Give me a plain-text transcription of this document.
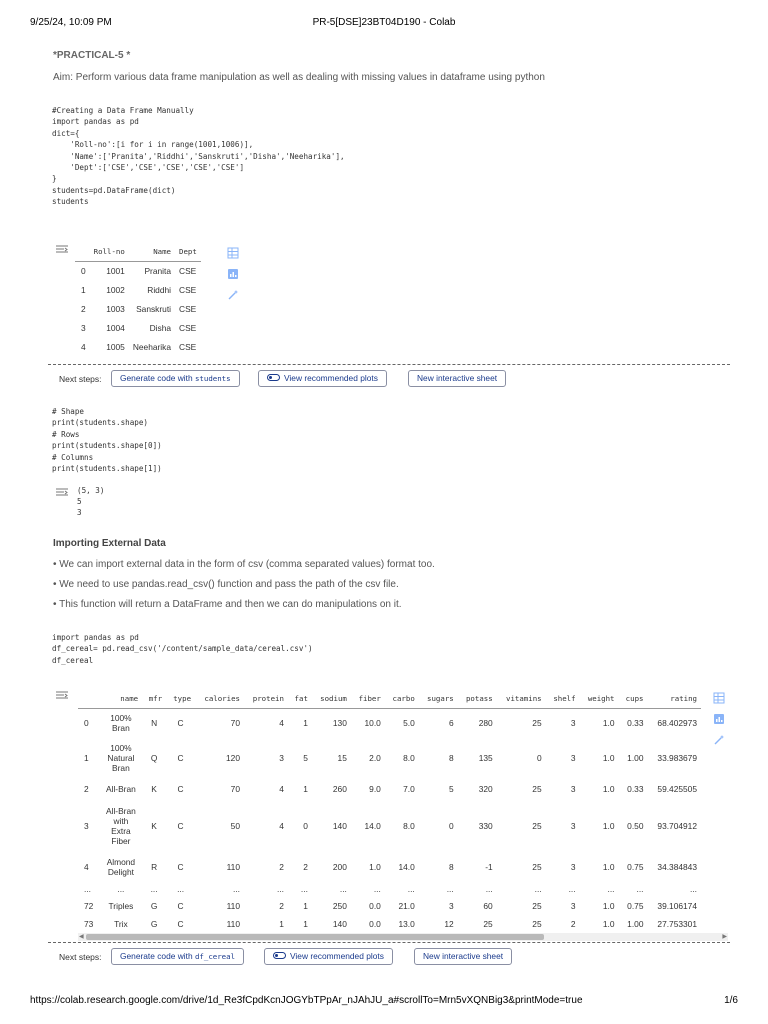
9/25/24, 10:09 PM	PR-5[DSE]23BT04D190 - Colab
*PRACTICAL-5 *
Aim: Perform various data frame manipulation as well as dealing with missing values in dataframe using python
#Creating a Data Frame Manually
import pandas as pd
dict={
'Roll-no':[i for i in range(1001,1006)],
'Name':['Pranita','Riddhi','Sanskruti','Disha','Neeharika'],
'Dept':['CSE','CSE','CSE','CSE','CSE']
}
students=pd.DataFrame(dict)
students
	Roll-no	Name	Dept
0	1001	Pranita	CSE
1	1002	Riddhi	CSE
2	1003	Sanskruti	CSE
3	1004	Disha	CSE
4	1005	Neeharika	CSE
Next steps:	Generate code with students	View recommended plots	New interactive sheet
# Shape
print(students.shape)
# Rows
print(students.shape[0])
# Columns
print(students.shape[1])
(5, 3)
5
3
Importing External Data
• We can import external data in the form of csv (comma separated values) format too.
• We need to use pandas.read_csv() function and pass the path of the csv file.
• This function will return a DataFrame and then we can do manipulations on it.
import pandas as pd
df_cereal= pd.read_csv('/content/sample_data/cereal.csv')
df_cereal
	name	mfr	type	calories	protein	fat	sodium	fiber	carbo	sugars	potass	vitamins	shelf	weight	cups	rating
0	100%
Bran	N	C	70	4	1	130	10.0	5.0	6	280	25	3	1.0	0.33	68.402973
1	100%
Natural
Bran	Q	C	120	3	5	15	2.0	8.0	8	135	0	3	1.0	1.00	33.983679
2	All-Bran	K	C	70	4	1	260	9.0	7.0	5	320	25	3	1.0	0.33	59.425505
3	All-Bran
with
Extra
Fiber	K	C	50	4	0	140	14.0	8.0	0	330	25	3	1.0	0.50	93.704912
4	Almond
Delight	R	C	110	2	2	200	1.0	14.0	8	-1	25	3	1.0	0.75	34.384843
...	...	...	...	...	...	...	...	...	...	...	...	...	...	...	...	...
72	Triples	G	C	110	2	1	250	0.0	21.0	3	60	25	3	1.0	0.75	39.106174
73	Trix	G	C	110	1	1	140	0.0	13.0	12	25	25	2	1.0	1.00	27.753301
◀	▶
Next steps:	Generate code with df_cereal	View recommended plots	New interactive sheet
https://colab.research.google.com/drive/1d_Re3fCpdKcnJOGYbTPpAr_nJAhJU_a#scrollTo=Mrn5vXQNBig3&printMode=true	1/6
